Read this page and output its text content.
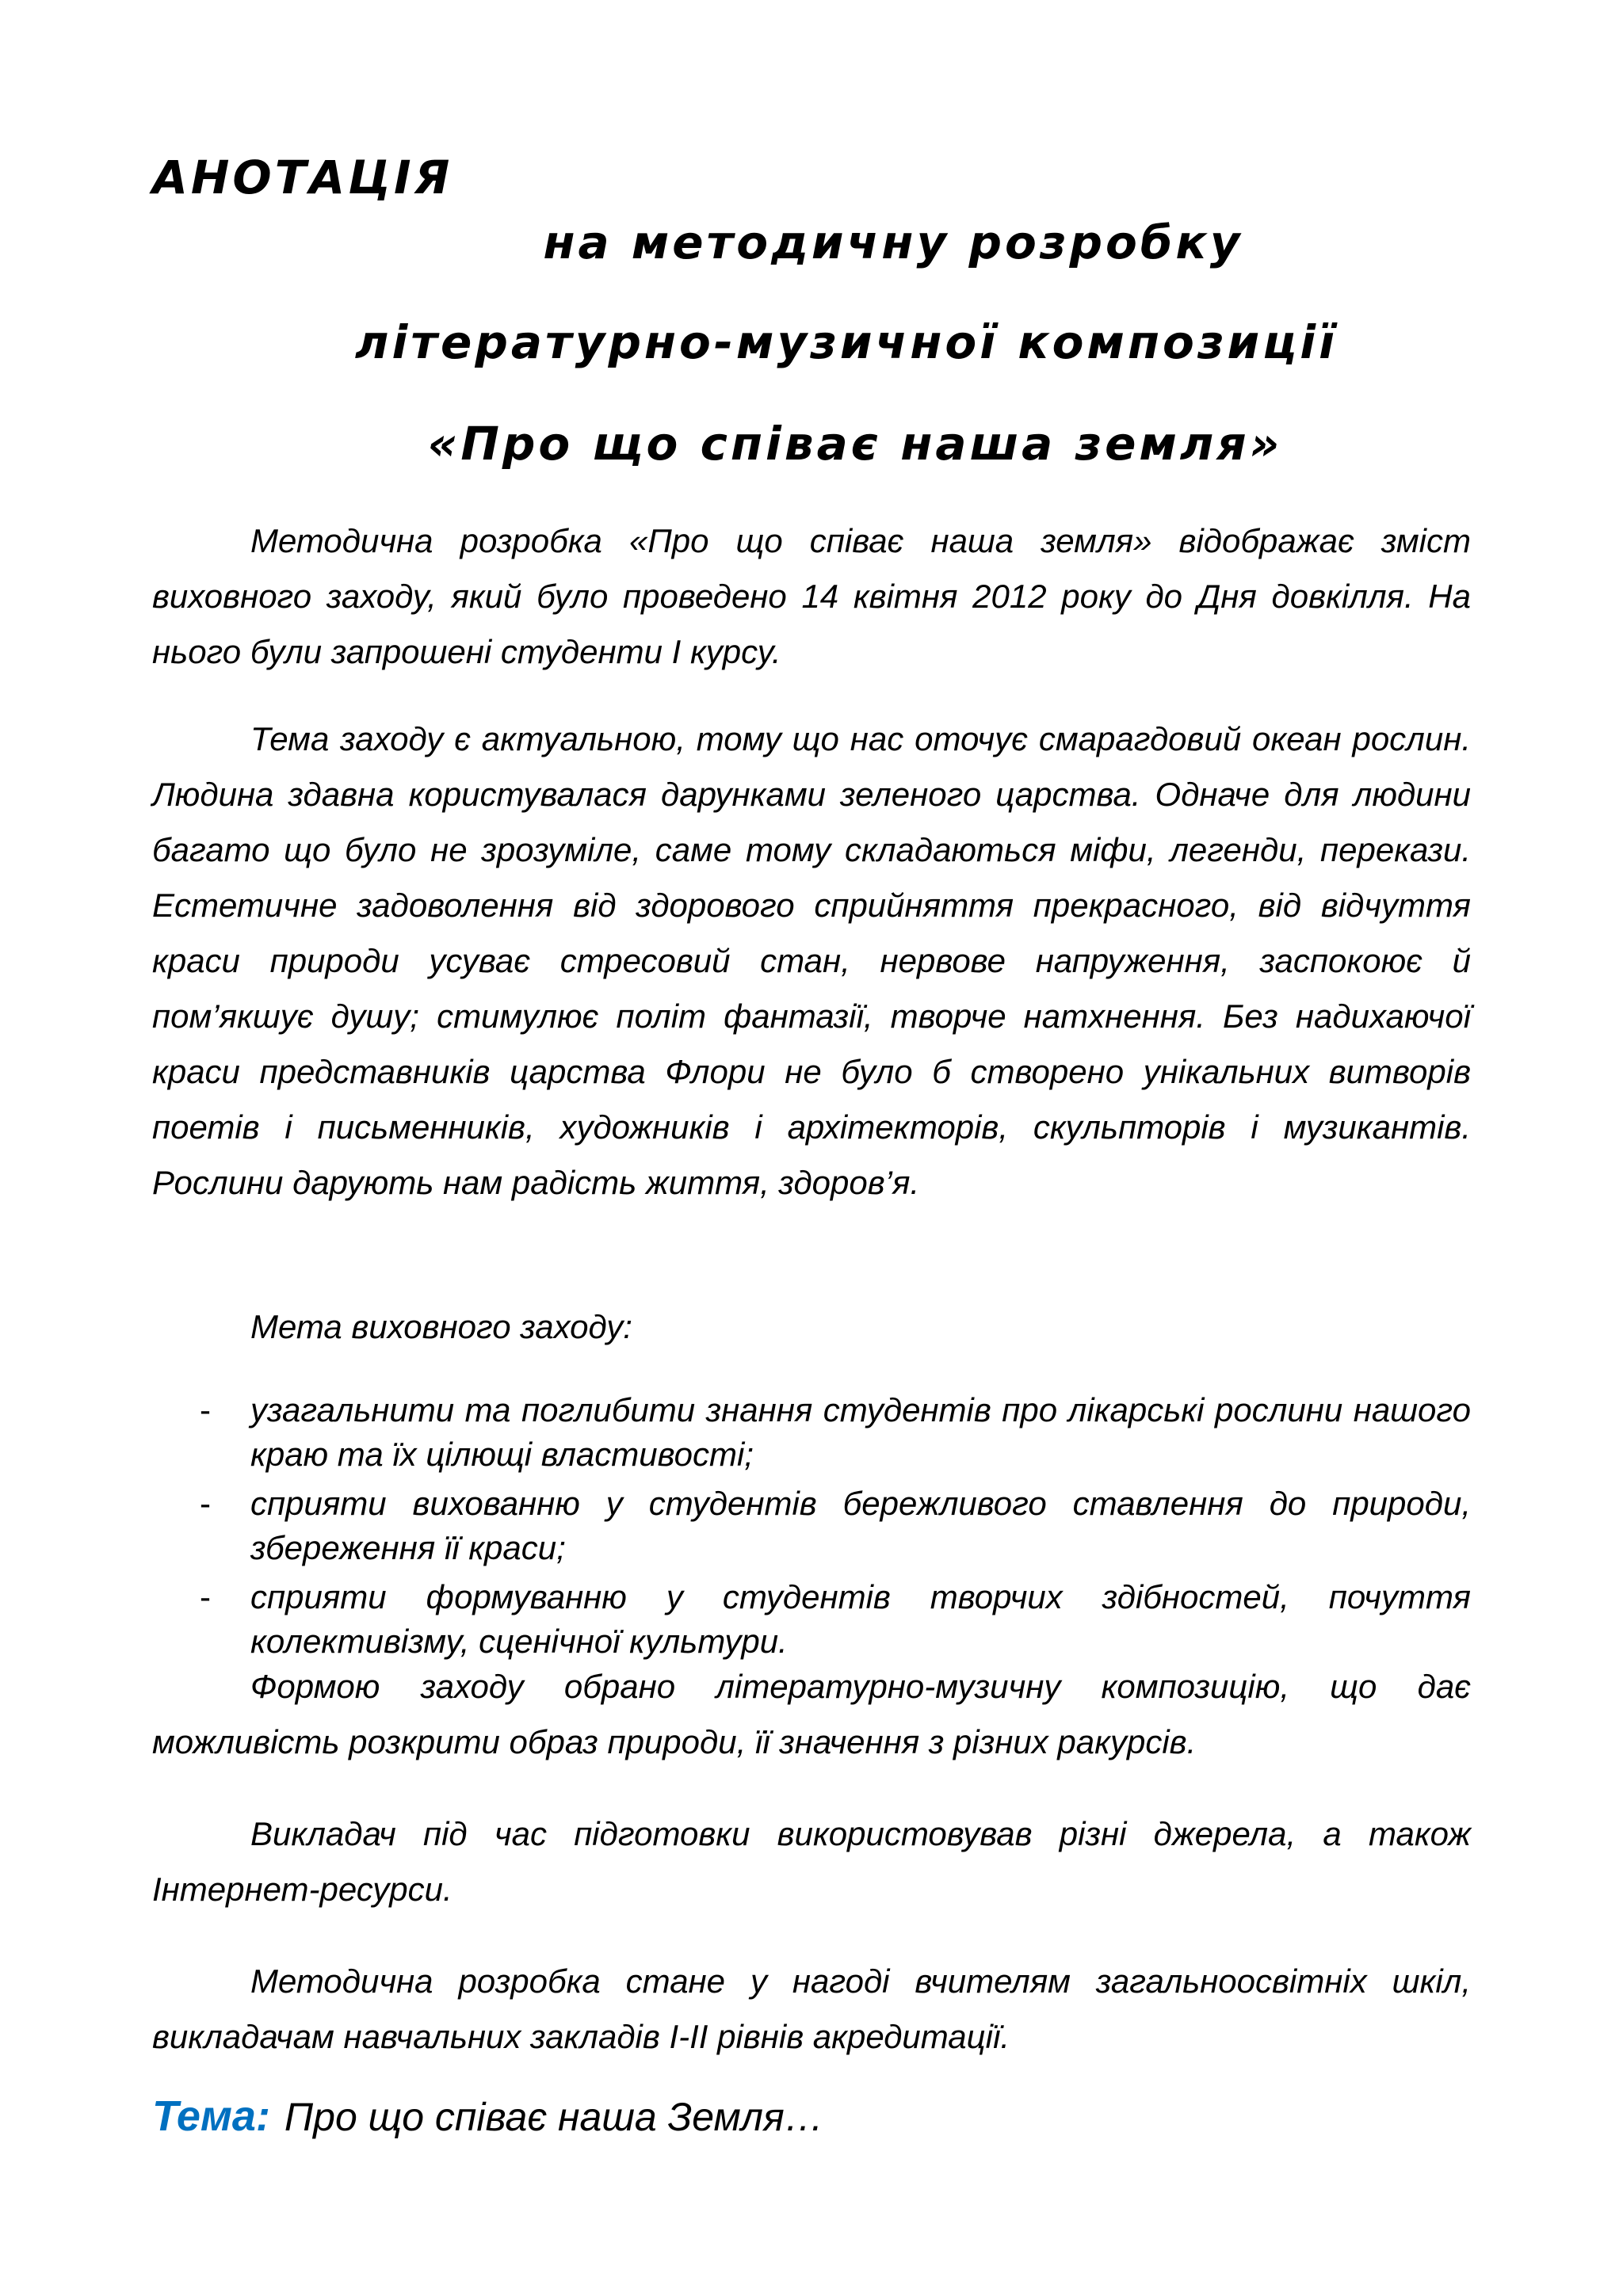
АНОТАЦІЯ
на методичну розробку
літературно-музичної композиції
«Про що співає наша земля»

Методична розробка «Про що співає наша земля» відображає зміст виховного заходу, який було проведено 14 квітня 2012 року до Дня довкілля. На нього були запрошені студенти І курсу.

Тема заходу є актуальною, тому що нас оточує смарагдовий океан рослин. Людина здавна користувалася дарунками зеленого царства. Одначе для людини багато що було не зрозуміле, саме тому складаються міфи, легенди, перекази. Естетичне задоволення від здорового сприйняття прекрасного, від відчуття краси природи усуває стресовий стан, нервове напруження, заспокоює й пом’якшує душу; стимулює політ фантазії, творче натхнення. Без надихаючої краси представників царства Флори не було б створено унікальних витворів поетів і письменників, художників і архітекторів, скульпторів і музикантів. Рослини дарують нам радість життя, здоров’я.

Мета виховного заходу:

- узагальнити та поглибити знання студентів про лікарські рослини нашого краю та їх цілющі властивості;
- сприяти вихованню у студентів бережливого ставлення до природи, збереження її краси;
- сприяти формуванню у студентів творчих здібностей, почуття колективізму, сценічної культури.

Формою заходу обрано літературно-музичну композицію, що дає можливість розкрити образ природи, її значення з різних ракурсів.

Викладач під час підготовки використовував різні джерела, а також Інтернет-ресурси.

Методична розробка стане у нагоді вчителям загальноосвітніх шкіл, викладачам навчальних закладів І-ІІ рівнів акредитації.

Тема: Про що співає наша Земля…
